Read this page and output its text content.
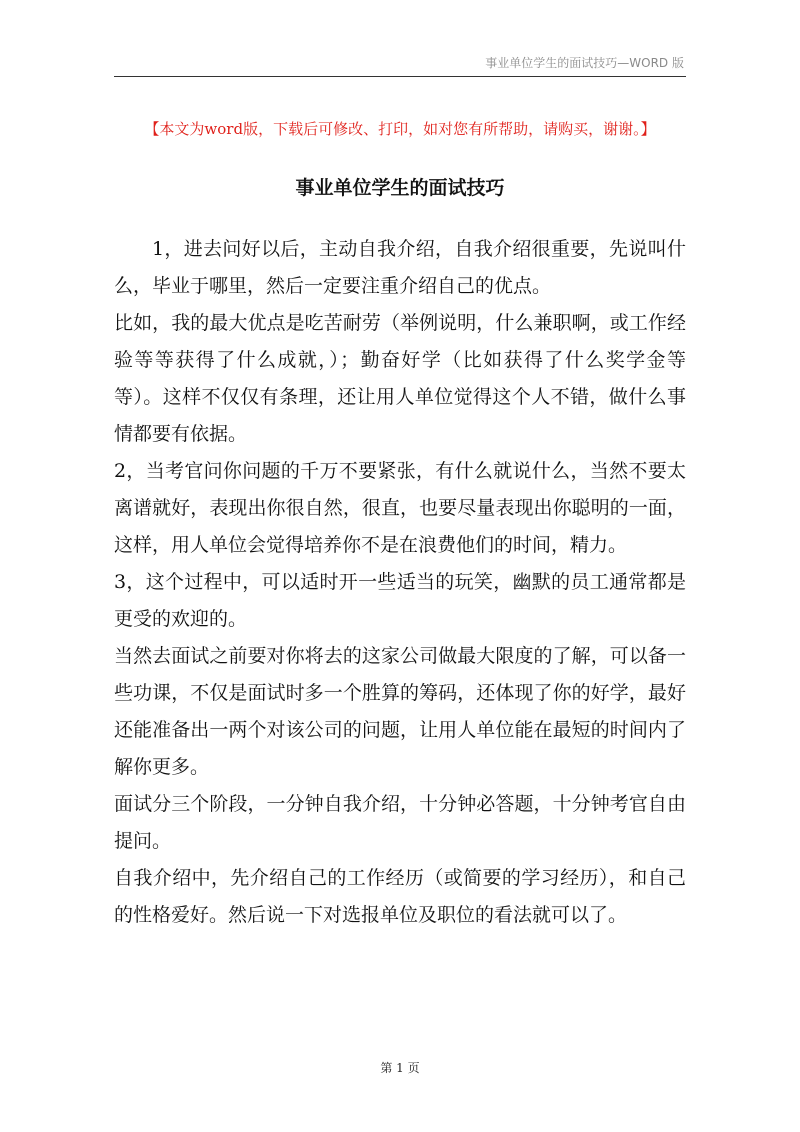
事业单位学生的面试技巧—WORD 版
【本文为word版，下载后可修改、打印，如对您有所帮助，请购买，谢谢。】
事业单位学生的面试技巧

1，进去问好以后，主动自我介绍，自我介绍很重要，先说叫什么，毕业于哪里，然后一定要注重介绍自己的优点。

比如，我的最大优点是吃苦耐劳（举例说明，什么兼职啊，或工作经验等等获得了什么成就，）；勤奋好学（比如获得了什么奖学金等等）。这样不仅仅有条理，还让用人单位觉得这个人不错，做什么事情都要有依据。

2，当考官问你问题的千万不要紧张，有什么就说什么，当然不要太离谱就好，表现出你很自然，很直，也要尽量表现出你聪明的一面，这样，用人单位会觉得培养你不是在浪费他们的时间，精力。

3，这个过程中，可以适时开一些适当的玩笑，幽默的员工通常都是更受的欢迎的。

当然去面试之前要对你将去的这家公司做最大限度的了解，可以备一些功课，不仅是面试时多一个胜算的筹码，还体现了你的好学，最好还能准备出一两个对该公司的问题，让用人单位能在最短的时间内了解你更多。

面试分三个阶段，一分钟自我介绍，十分钟必答题，十分钟考官自由提问。

自我介绍中，先介绍自己的工作经历（或简要的学习经历），和自己的性格爱好。然后说一下对选报单位及职位的看法就可以了。

第 1 页
